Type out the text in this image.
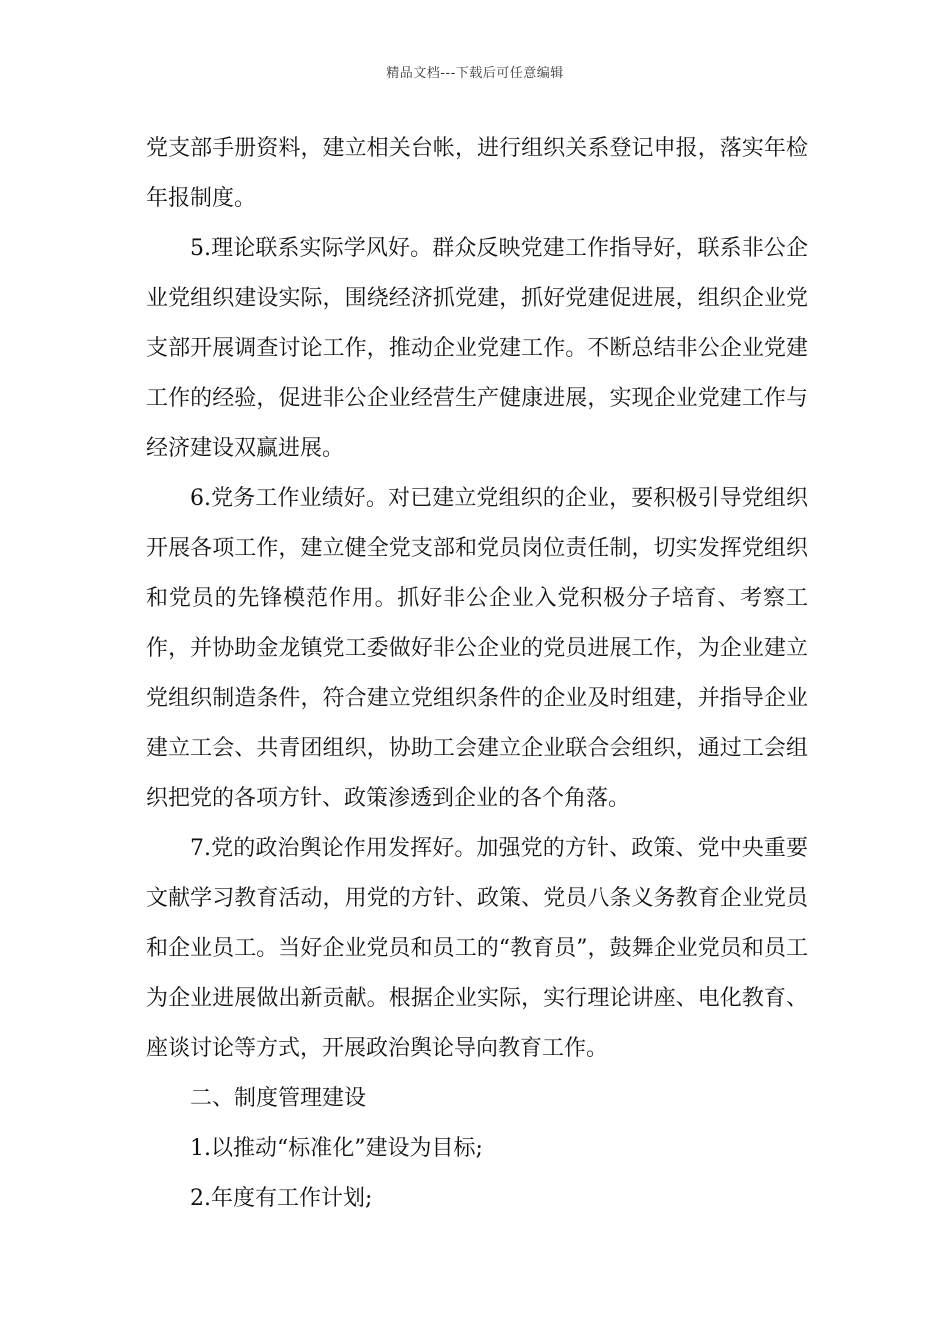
精品文档---下载后可任意编辑

党支部手册资料，建立相关台帐，进行组织关系登记申报，落实年检年报制度。

5.理论联系实际学风好。群众反映党建工作指导好，联系非公企业党组织建设实际，围绕经济抓党建，抓好党建促进展，组织企业党支部开展调查讨论工作，推动企业党建工作。不断总结非公企业党建工作的经验，促进非公企业经营生产健康进展，实现企业党建工作与经济建设双赢进展。

6.党务工作业绩好。对已建立党组织的企业，要积极引导党组织开展各项工作，建立健全党支部和党员岗位责任制，切实发挥党组织和党员的先锋模范作用。抓好非公企业入党积极分子培育、考察工作，并协助金龙镇党工委做好非公企业的党员进展工作，为企业建立党组织制造条件，符合建立党组织条件的企业及时组建，并指导企业建立工会、共青团组织，协助工会建立企业联合会组织，通过工会组织把党的各项方针、政策渗透到企业的各个角落。

7.党的政治舆论作用发挥好。加强党的方针、政策、党中央重要文献学习教育活动，用党的方针、政策、党员八条义务教育企业党员和企业员工。当好企业党员和员工的“教育员”，鼓舞企业党员和员工为企业进展做出新贡献。根据企业实际，实行理论讲座、电化教育、座谈讨论等方式，开展政治舆论导向教育工作。

二、制度管理建设

1.以推动“标准化”建设为目标;

2.年度有工作计划;
